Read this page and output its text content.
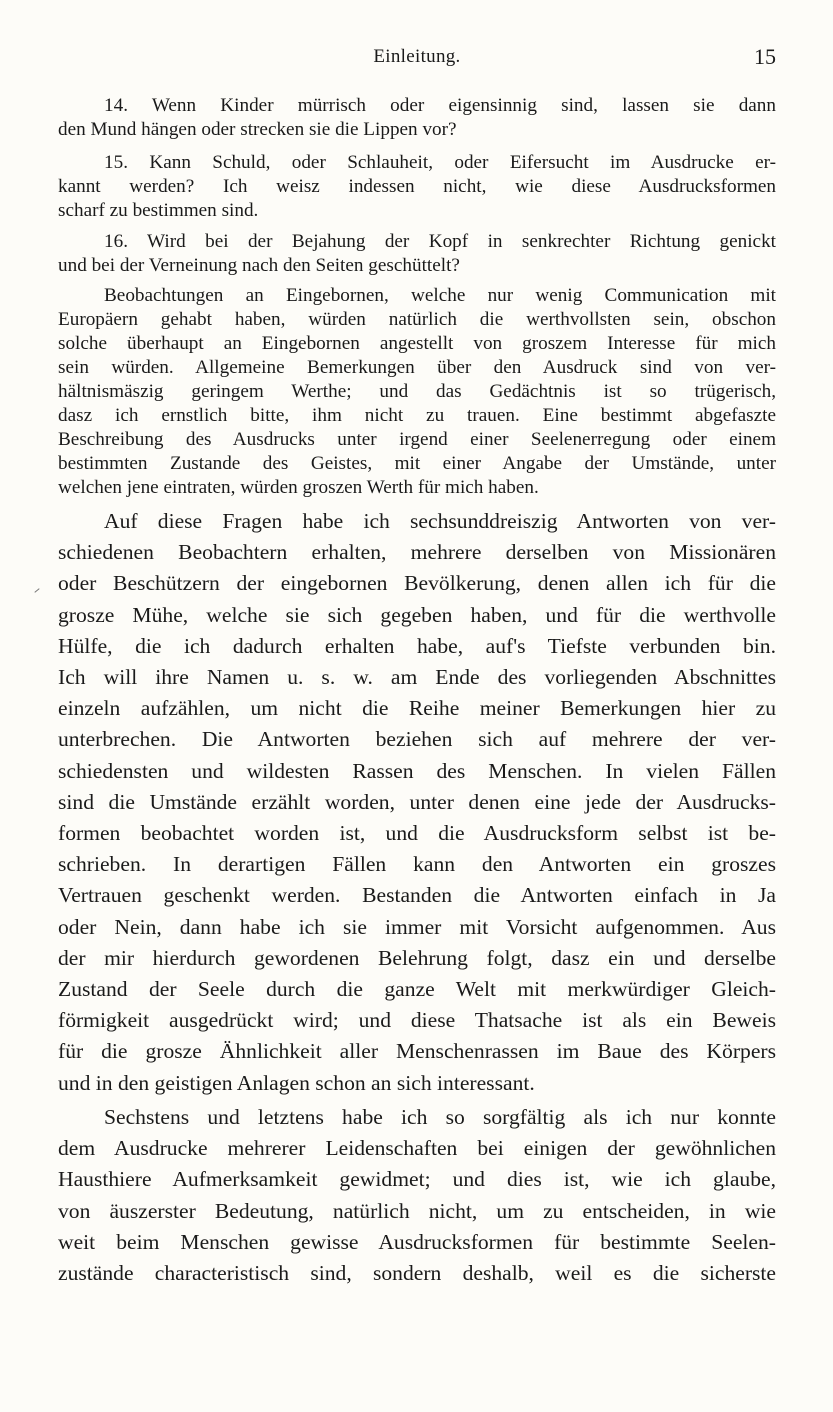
Einleitung.	15
14. Wenn Kinder mürrisch oder eigensinnig sind, lassen sie dann
den Mund hängen oder strecken sie die Lippen vor?
15. Kann Schuld, oder Schlauheit, oder Eifersucht im Ausdrucke er-
kannt werden? Ich weisz indessen nicht, wie diese Ausdrucksformen
scharf zu bestimmen sind.
16. Wird bei der Bejahung der Kopf in senkrechter Richtung genickt
und bei der Verneinung nach den Seiten geschüttelt?
Beobachtungen an Eingebornen, welche nur wenig Communication mit
Europäern gehabt haben, würden natürlich die werthvollsten sein, obschon
solche überhaupt an Eingebornen angestellt von groszem Interesse für mich
sein würden. Allgemeine Bemerkungen über den Ausdruck sind von ver-
hältnismäszig geringem Werthe; und das Gedächtnis ist so trügerisch,
dasz ich ernstlich bitte, ihm nicht zu trauen. Eine bestimmt abgefaszte
Beschreibung des Ausdrucks unter irgend einer Seelenerregung oder einem
bestimmten Zustande des Geistes, mit einer Angabe der Umstände, unter
welchen jene eintraten, würden groszen Werth für mich haben.
Auf diese Fragen habe ich sechsunddreiszig Antworten von ver-
schiedenen Beobachtern erhalten, mehrere derselben von Missionären
oder Beschützern der eingebornen Bevölkerung, denen allen ich für die
grosze Mühe, welche sie sich gegeben haben, und für die werthvolle
Hülfe, die ich dadurch erhalten habe, auf's Tiefste verbunden bin.
Ich will ihre Namen u. s. w. am Ende des vorliegenden Abschnittes
einzeln aufzählen, um nicht die Reihe meiner Bemerkungen hier zu
unterbrechen. Die Antworten beziehen sich auf mehrere der ver-
schiedensten und wildesten Rassen des Menschen. In vielen Fällen
sind die Umstände erzählt worden, unter denen eine jede der Ausdrucks-
formen beobachtet worden ist, und die Ausdrucksform selbst ist be-
schrieben. In derartigen Fällen kann den Antworten ein groszes
Vertrauen geschenkt werden. Bestanden die Antworten einfach in Ja
oder Nein, dann habe ich sie immer mit Vorsicht aufgenommen. Aus
der mir hierdurch gewordenen Belehrung folgt, dasz ein und derselbe
Zustand der Seele durch die ganze Welt mit merkwürdiger Gleich-
förmigkeit ausgedrückt wird; und diese Thatsache ist als ein Beweis
für die grosze Ähnlichkeit aller Menschenrassen im Baue des Körpers
und in den geistigen Anlagen schon an sich interessant.
Sechstens und letztens habe ich so sorgfältig als ich nur konnte
dem Ausdrucke mehrerer Leidenschaften bei einigen der gewöhnlichen
Hausthiere Aufmerksamkeit gewidmet; und dies ist, wie ich glaube,
von äuszerster Bedeutung, natürlich nicht, um zu entscheiden, in wie
weit beim Menschen gewisse Ausdrucksformen für bestimmte Seelen-
zustände characteristisch sind, sondern deshalb, weil es die sicherste
